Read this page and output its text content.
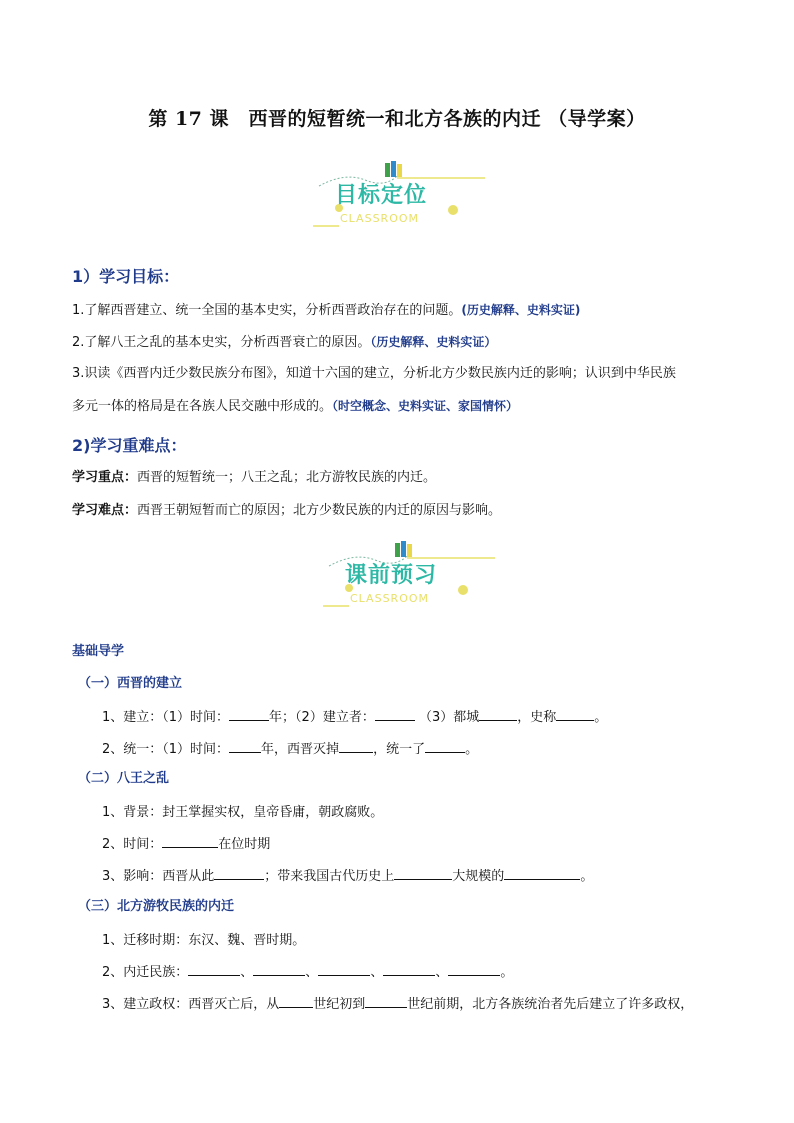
第 17 课　西晋的短暂统一和北方各族的内迁 （导学案）
目标定位
CLASSROOM
1）学习目标：
1.了解西晋建立、统一全国的基本史实，分析西晋政治存在的问题。(历史解释、史料实证)
2.了解八王之乱的基本史实，分析西晋衰亡的原因。（历史解释、史料实证）
3.识读《西晋内迁少数民族分布图》，知道十六国的建立，分析北方少数民族内迁的影响；认识到中华民族
多元一体的格局是在各族人民交融中形成的。（时空概念、史料实证、家国情怀）
2)学习重难点：
学习重点：西晋的短暂统一；八王之乱；北方游牧民族的内迁。
学习难点：西晋王朝短暂而亡的原因；北方少数民族的内迁的原因与影响。
课前预习
CLASSROOM
基础导学
（一）西晋的建立
1、建立：（1）时间：	年；（2）建立者：	（3）都城	，史称	。
2、统一：（1）时间： 年，西晋灭掉	，统一了	。
（二）八王之乱
1、背景：封王掌握实权，皇帝昏庸，朝政腐败。
2、时间：	在位时期
3、影响：西晋从此	；带来我国古代历史上	大规模的	。
（三）北方游牧民族的内迁
1、迁移时期：东汉、魏、晋时期。
2、内迁民族：	、	、	、	、	。
3、建立政权：西晋灭亡后，从	世纪初到	世纪前期，北方各族统治者先后建立了许多政权，
